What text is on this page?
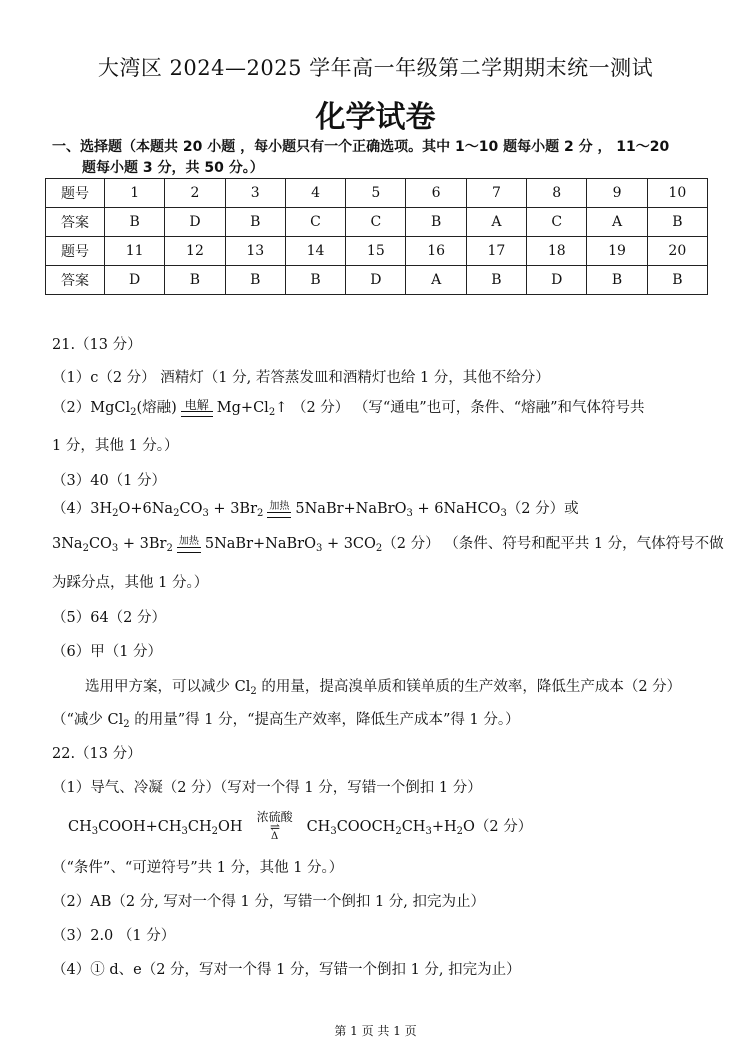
大湾区 2024—2025 学年高一年级第二学期期末统一测试
化学试卷
一、选择题（本题共 20 小题 ，每小题只有一个正确选项。其中 1～10 题每小题 2 分 ， 11～20
题每小题 3 分，共 50 分。）
题号	1	2	3	4	5	6	7	8	9	10
答案	B	D	B	C	C	B	A	C	A	B
题号	11	12	13	14	15	16	17	18	19	20
答案	D	B	B	B	D	A	B	D	B	B
21.（13 分）
（1）c（2 分） 酒精灯（1 分, 若答蒸发皿和酒精灯也给 1 分，其他不给分）
（2）MgCl$_2$(熔融) 电解 $Mg+Cl_2↑$ （2 分） （写“通电”也可，条件、“熔融”和气体符号共
1 分，其他 1 分。）
（3）40（1 分）
$(4)3H_2O+6Na_2CO_3 + 3Br_2$
加热 5NaBr+NaBrO$_3$ + 6NaHCO$_3$（2 分）或
$3Na_2CO_3 + 3Br_2$
加热 5NaBr+NaBrO$_3$ + $3CO_2(2$ 分） （条件、符号和配平共 1 分，气体符号不做
为踩分点，其他 1 分。）
（5）64（2 分）
（6）甲（1 分）
选用甲方案，可以减少 $Cl_2$ 的用量，提高溴单质和镁单质的生产效率，降低生产成本（2 分）
（“减少 $Cl_2$ 的用量”得 1 分，“提高生产效率，降低生产成本”得 1 分。）
22.（13 分）
（1）导气、冷凝（2 分）（写对一个得 1 分，写错一个倒扣 1 分）
$CH_3COOH+CH_3CH_2OH$
浓硫酸
⇌
Δ
$CH_3COOCH_2CH_3+H_2O(2$ 分）
（“条件”、“可逆符号”共 1 分，其他 1 分。）
（2）AB（2 分, 写对一个得 1 分，写错一个倒扣 1 分, 扣完为止）
（3）2.0 （1 分）
（4）① d、e（2 分，写对一个得 1 分，写错一个倒扣 1 分, 扣完为止）
第 1 页 共 1 页
